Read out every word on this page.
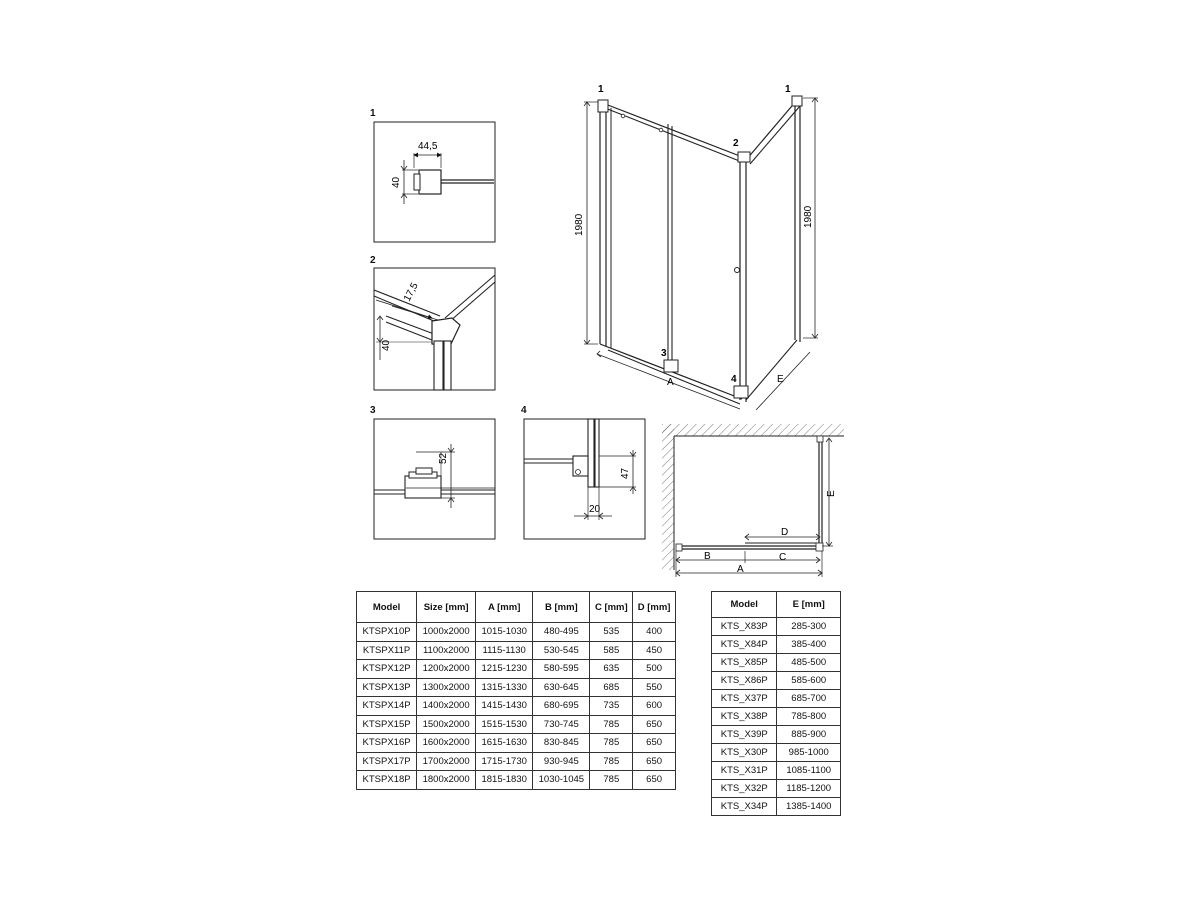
1
44,5
40
17,5
40
52
47
20
1	1
2
3
4
1980	1980
A	E
B	C
D
A
E
2
3	4
Model	Size [mm]	A [mm]	B [mm]	C [mm]	D [mm]
KTSPX10P	1000x2000	1015-1030	480-495	535	400
KTSPX11P	1100x2000	1115-1130	530-545	585	450
KTSPX12P	1200x2000	1215-1230	580-595	635	500
KTSPX13P	1300x2000	1315-1330	630-645	685	550
KTSPX14P	1400x2000	1415-1430	680-695	735	600
KTSPX15P	1500x2000	1515-1530	730-745	785	650
KTSPX16P	1600x2000	1615-1630	830-845	785	650
KTSPX17P	1700x2000	1715-1730	930-945	785	650
KTSPX18P	1800x2000	1815-1830	1030-1045	785	650
Model	E [mm]
KTS_X83P	285-300
KTS_X84P	385-400
KTS_X85P	485-500
KTS_X86P	585-600
KTS_X37P	685-700
KTS_X38P	785-800
KTS_X39P	885-900
KTS_X30P	985-1000
KTS_X31P	1085-1100
KTS_X32P	1185-1200
KTS_X34P	1385-1400
